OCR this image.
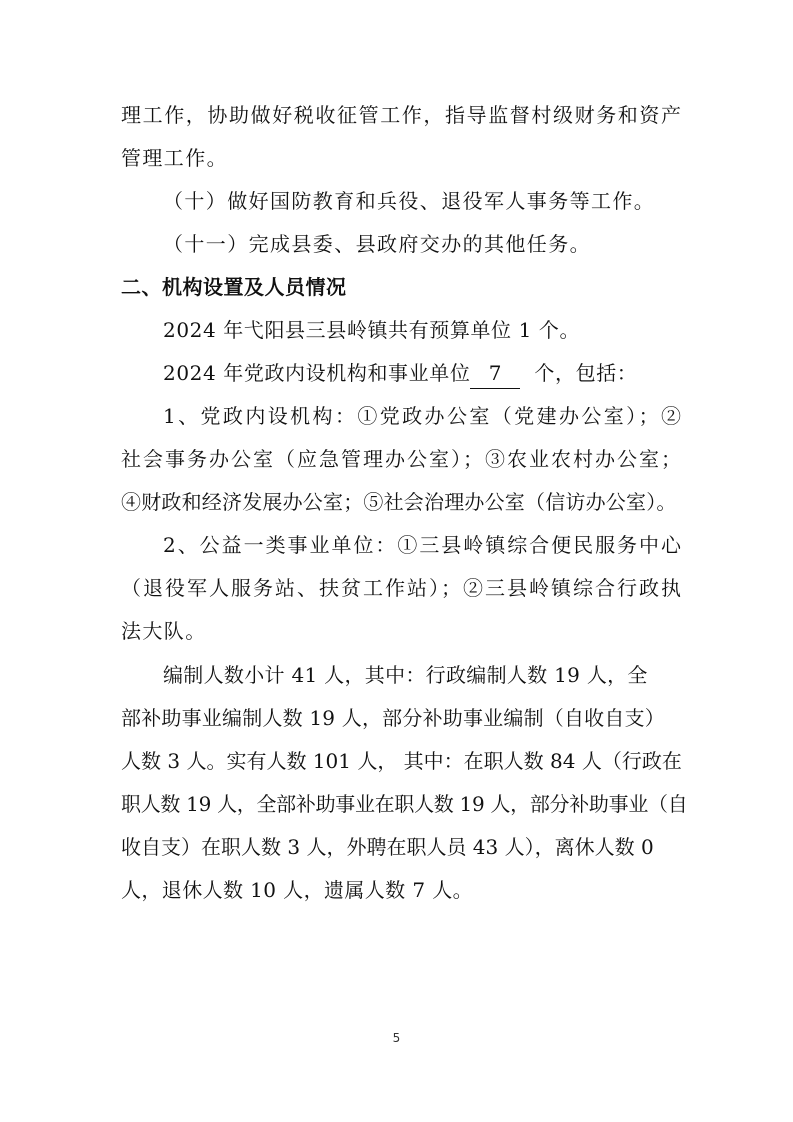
理工作，协助做好税收征管工作，指导监督村级财务和资产
管理工作。
（十）做好国防教育和兵役、退役军人事务等工作。
（十一）完成县委、县政府交办的其他任务。
二、机构设置及人员情况
2024 年弋阳县三县岭镇共有预算单位 1 个。
2024 年党政内设机构和事业单位 7 个，包括：
1、党政内设机构：①党政办公室（党建办公室）；②
社会事务办公室（应急管理办公室）；③农业农村办公室；
④财政和经济发展办公室；⑤社会治理办公室（信访办公室）。
2、公益一类事业单位：①三县岭镇综合便民服务中心
（退役军人服务站、扶贫工作站）；②三县岭镇综合行政执
法大队。
编制人数小计 41 人，其中：行政编制人数 19 人，全
部补助事业编制人数 19 人，部分补助事业编制（自收自支）
人数 3 人。实有人数 101 人， 其中：在职人数 84 人（行政在
职人数 19 人，全部补助事业在职人数 19 人，部分补助事业（自
收自支）在职人数 3 人，外聘在职人员 43 人），离休人数 0
人，退休人数 10 人，遗属人数 7 人。
5
